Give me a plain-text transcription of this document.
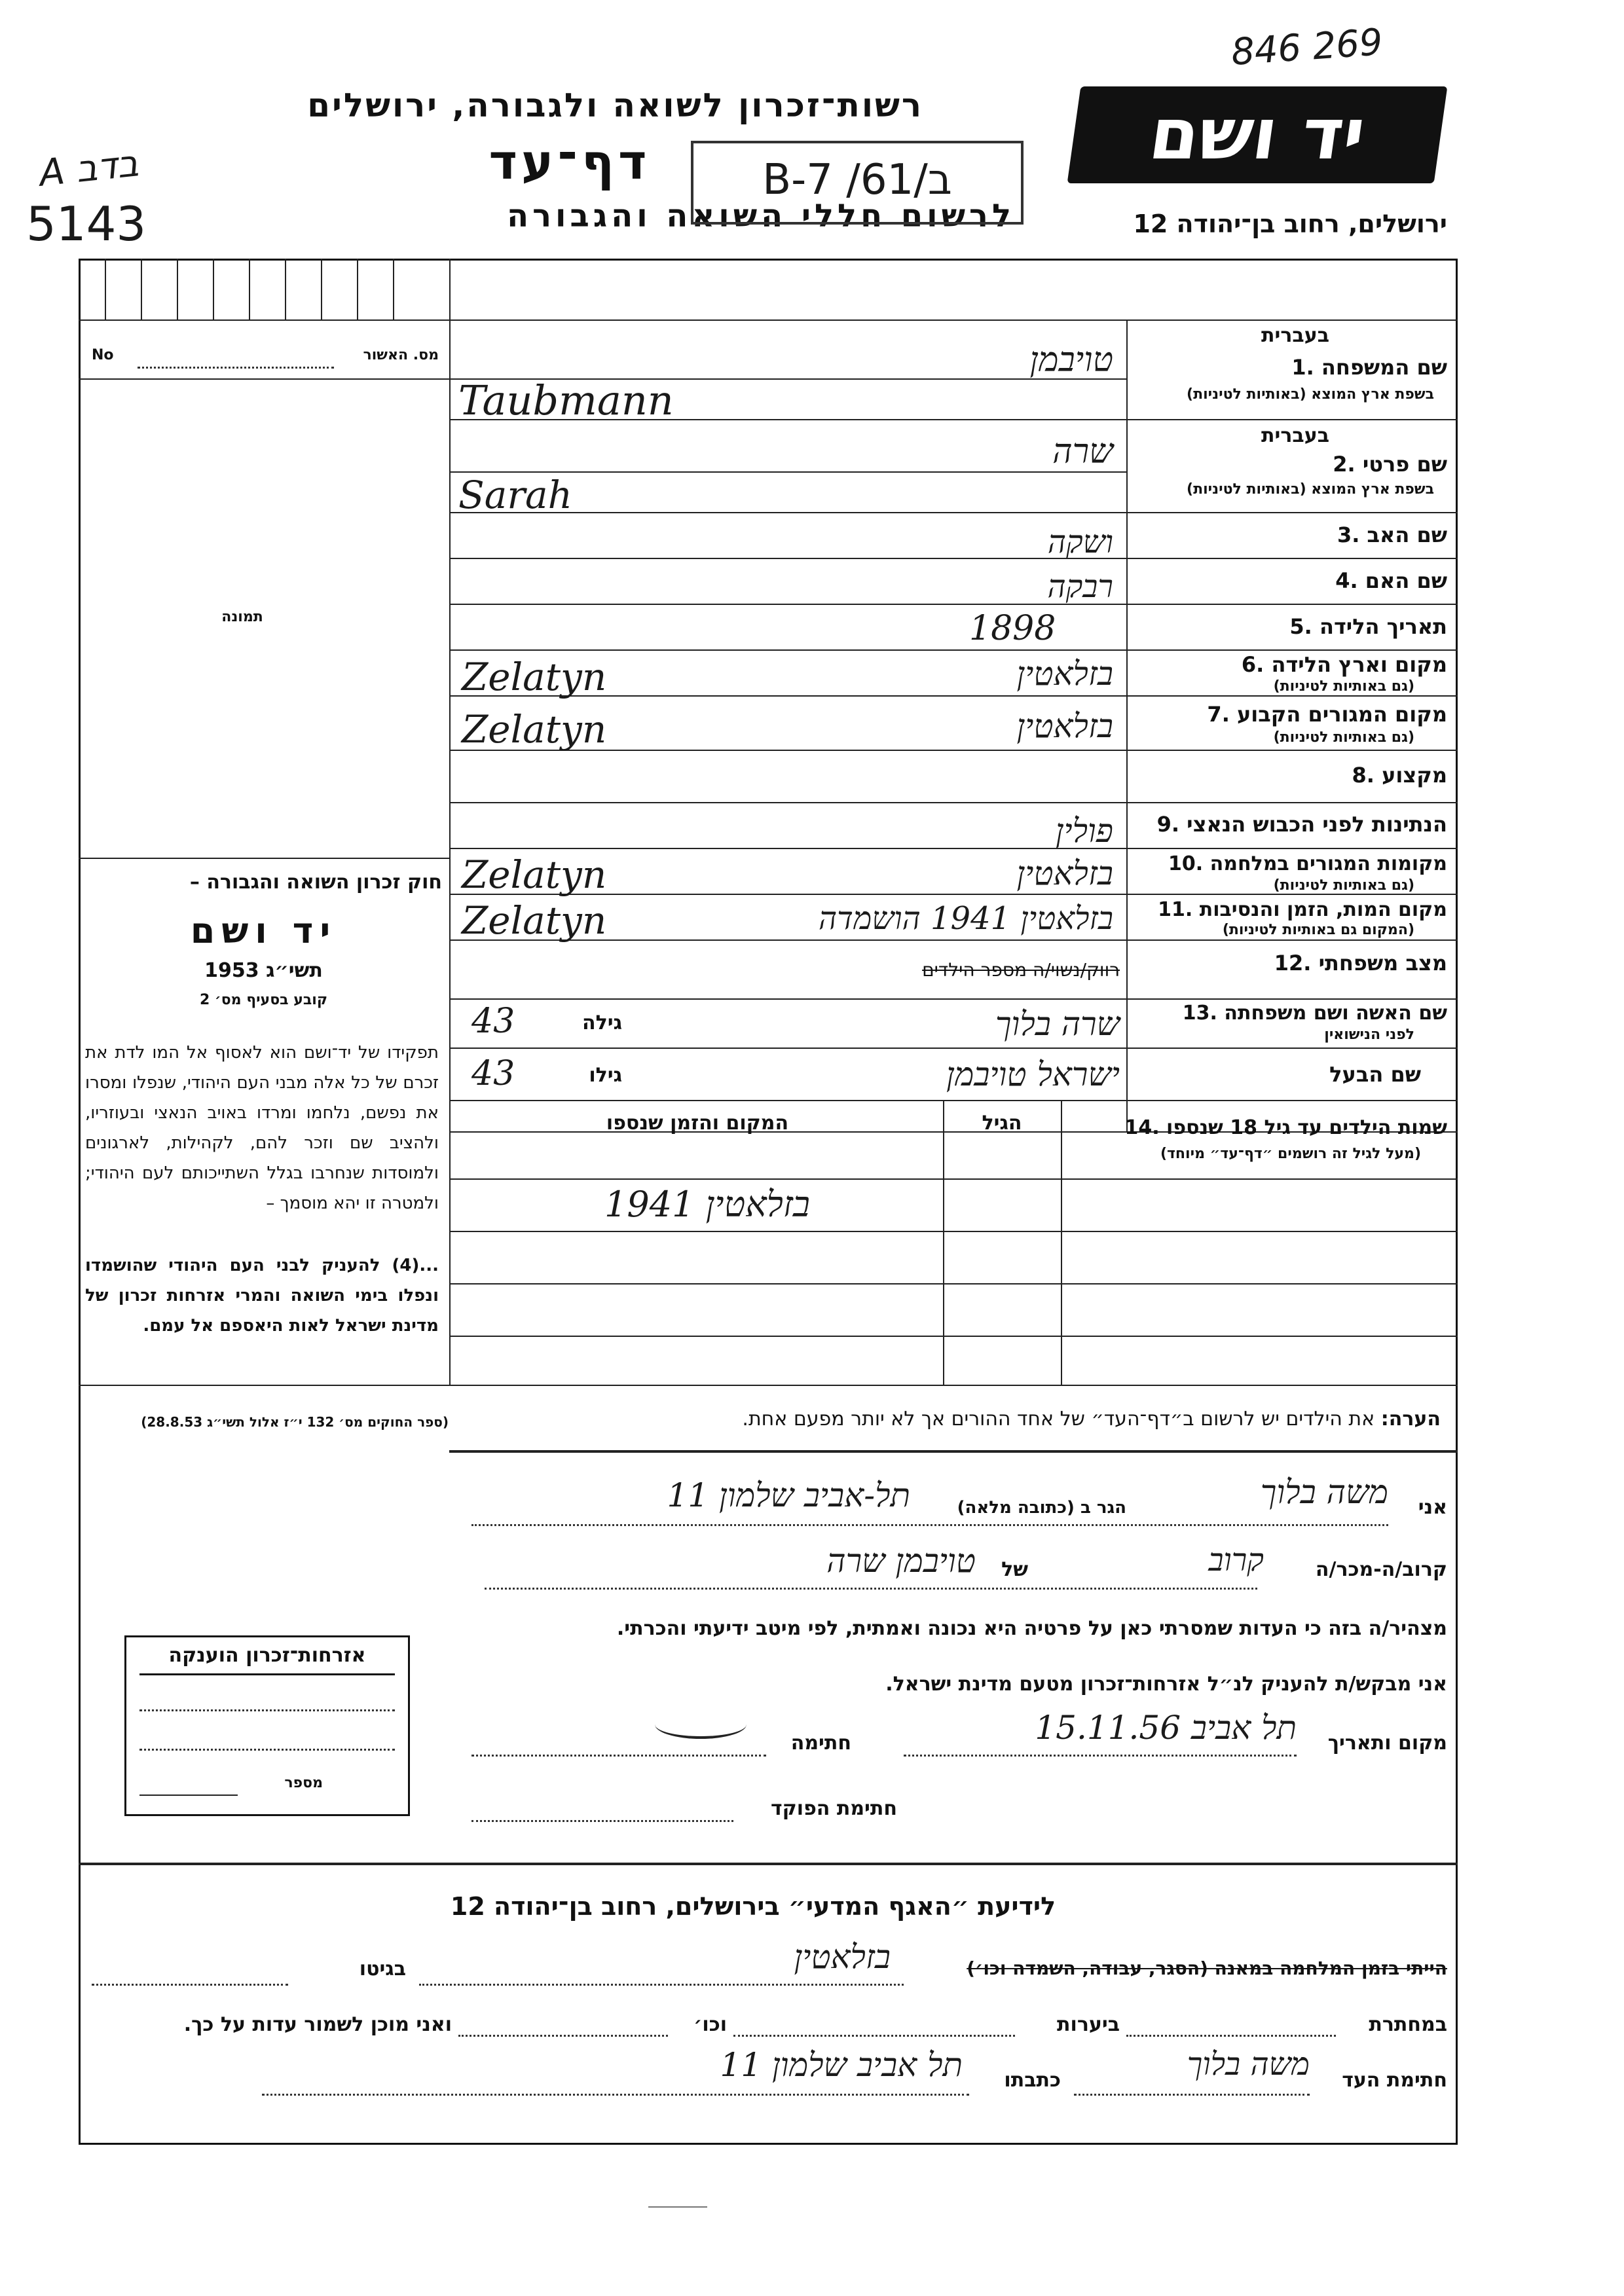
846 269
רשות־זכרון לשואה ולגבורה, ירושלים	יד ושם
ירושלים, רחוב בן־יהודה 12
דף־עד
לרשום חללי השואה והגבורה
B-7 /61/ב
A בדב
5143
מס. האשור
No
תמונה
חוק זכרון השואה והגבורה –
יד ושם
תשי״ג 1953
קובע בסעיף מס׳ 2
תפקידו של יד־ושם הוא לאסוף אל המו לדת את זכרם של כל אלה מבני העם היהודי, שנפלו ומסרו את נפשם, נלחמו ומרדו באויב הנאצי ובעוזריו, ולהציב שם וזכר להם, לקהילות, לארגונים ולמוסדות שנחרבו בגלל השתייכותם לעם היהודי; ולמטרה זו יהא מוסמך –
...(4) להעניק לבני העם היהודי שהושמדו ונפלו בימי השואה והמרי אזרחות זכרון של מדינת ישראל לאות היאספם אל עמם.
(ספר החוקים מס׳ 132 י״ז אלול תשי״ג 28.8.53)
בעברית
שם המשפחה .1
בשפת ארץ המוצא (באותיות לטיניות)
בעברית
שם פרטי .2
בשפת ארץ המוצא (באותיות לטיניות)
שם האב .3
שם האם .4
תאריך הלידה .5
מקום וארץ הלידה .6
(גם באותיות לטיניות)
מקום המגורים הקבוע .7
(גם באותיות לטיניות)
מקצוע .8
הנתינות לפני הכבוש הנאצי .9
מקומות המגורים במלחמה .10
(גם באותיות לטיניות)
מקום המות, הזמן והנסיבות .11
(המקום גם באותיות לטיניות)
מצב משפחתי .12
שם האשה ושם משפחתה .13
לפני הנישואין
שם הבעל
שמות הילדים עד גיל 18 שנספו .14
(מעל לגיל זה רושמים ״דף־עד״ מיוחד)
הגיל
המקום והזמן שנספו
טויבמן
Taubmann
שרה
Sarah
ושקה
רבקה
1898
בזלאטין
Zelatyn
בזלאטין
Zelatyn
פולין
בזלאטין
Zelatyn
בזלאטין 1941 הושמדה
Zelatyn
רווק/נשוי/ה מספר הילדים
שרה בלוך
גילה
43
ישראל טויבמן
גילו
43
בזלאטין 1941
הערה: את הילדים יש לרשום ב״דף־העד״ של אחד ההורים אך לא יותר מפעם אחת.
אני
משה בלוך
הגר ב (כתובה מלאה)
תל-אביב שלמון 11
קרוב/ה-מכר/ה
קרוב
של
טויבמן שרה
מצהיר/ה בזה כי העדות שמסרתי כאן על פרטיה היא נכונה ואמתית, לפי מיטב ידיעתי והכרתי.
אני מבקש/ת להעניק לנ״ל אזרחות־זכרון מטעם מדינת ישראל.
מקום ותאריך
תל אביב 15.11.56
חתימה
חתימת הפוקד
אזרחות־זכרון הוענקה
מספר
לידיעת ״האגף המדעי״ בירושלים, רחוב בן־יהודה 12
הייתי בזמן המלחמה במאנה (הסגר, עבודה, השמדה וכו׳)
בזלאטין
בגיטו
במחתרת
ביערות
וכו׳
ואני מוכן לשמור עדות על כך.
חתימת העד
משה בלוך
כתבתו
תל אביב שלמון 11
